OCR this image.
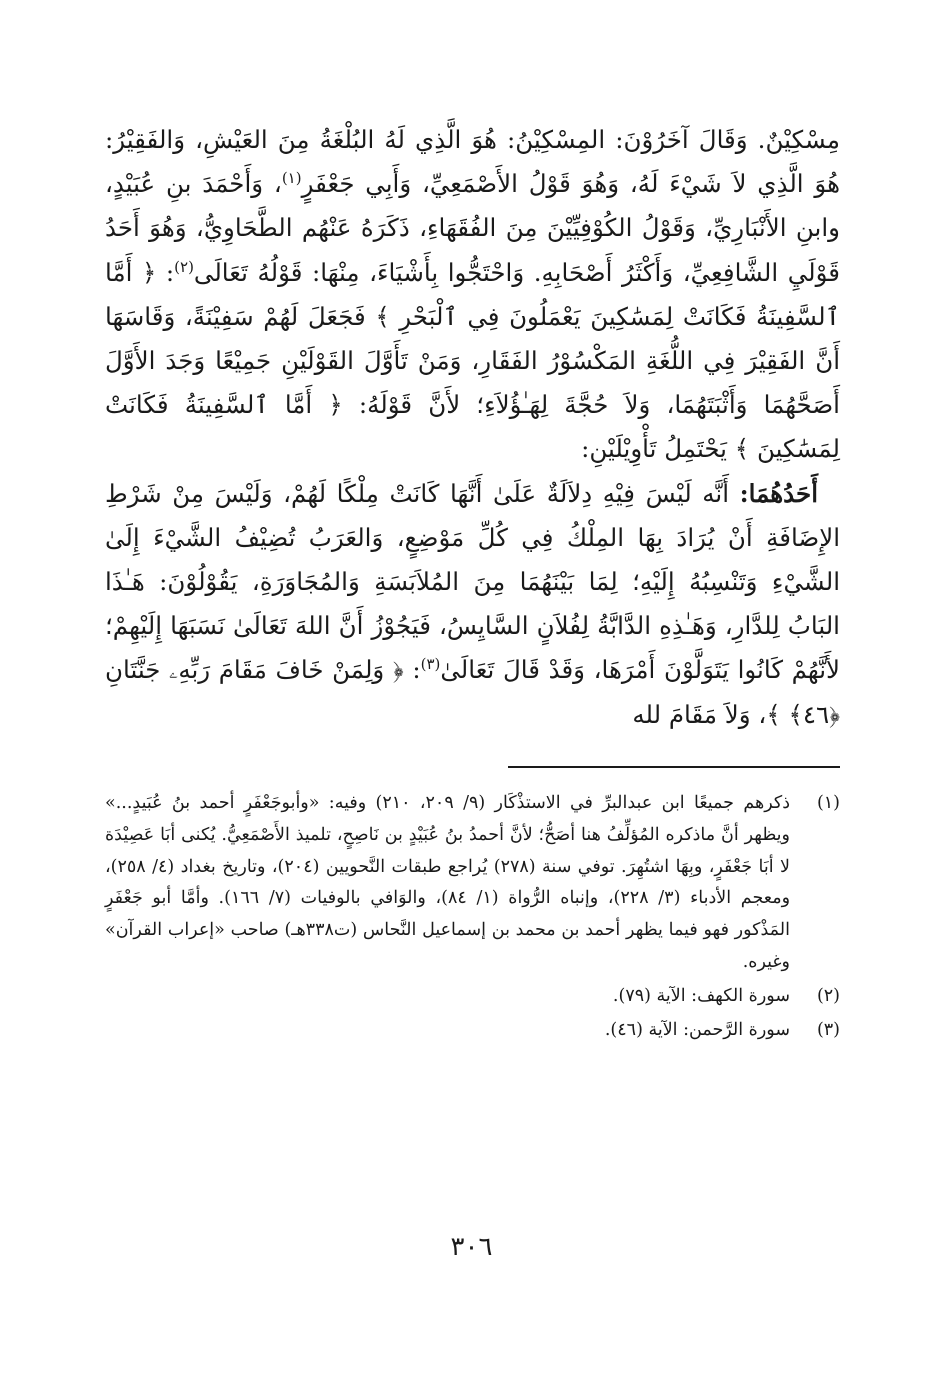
مِسْكِيْنٌ. وَقَالَ آخَرُوْنَ: المِسْكِيْنُ: هُوَ الَّذِي لَهُ البُلْغَةُ مِنَ العَيْشِ، وَالفَقِيْرُ: هُوَ الَّذِي لاَ شَيْءَ لَهُ، وَهُوَ قَوْلُ الأَصْمَعِيِّ، وَأَبِي جَعْفَرٍ$^{(١)}$، وَأَحْمَدَ بنِ عُبَيْدٍ، وابنِ الأَنْبَارِيِّ، وَقَوْلُ الكُوْفِيِّيْنَ مِنَ الفُقَهَاءِ، ذَكَرَهُ عَنْهُم الطَّحَاوِيُّ، وَهُوَ أَحَدُ قَوْلَيِ الشَّافِعِيِّ، وَأَكْثَرُ أَصْحَابِهِ. وَاحْتَجُّوا بِأَشْيَاءَ، مِنْهَا: قَوْلُهُ تَعَالَى$^{(٢)}$: ﴿ أَمَّا ٱلسَّفِينَةُ فَكَانَتْ لِمَسَٰكِينَ يَعْمَلُونَ فِي ٱلْبَحْرِ ﴾ فَجَعَلَ لَهُمْ سَفِيْنَةً، وَقَاسَهَا أَنَّ الفَقِيْرَ فِي اللُّغَةِ المَكْسُوْرُ الفَقَارِ، وَمَنْ تَأَوَّلَ القَوْلَيْنِ جَمِيْعًا وَجَدَ الأَوَّلَ أَصَحَّهُمَا وَأَثْبَتَهُمَا، وَلاَ حُجَّةَ لِهَـٰؤُلاَءِ؛ لأَنَّ قَوْلَهُ: ﴿ أَمَّا ٱلسَّفِينَةُ فَكَانَتْ لِمَسَٰكِينَ ﴾ يَحْتَمِلُ تَأْوِيْلَيْنِ:

أَحَدُهُمَا: أَنَّه لَيْسَ فِيْهِ دِلاَلَةٌ عَلَىٰ أَنَّهَا كَانَتْ مِلْكًا لَهُمْ، وَلَيْسَ مِنْ شَرْطِ الإِضَافَةِ أَنْ يُرَادَ بِهَا المِلْكُ فِي كُلِّ مَوْضِعٍ، وَالعَرَبُ تُضِيْفُ الشَّيْءَ إِلَىٰ الشَّيْءِ وَتَنْسِبُهُ إِلَيْهِ؛ لِمَا بَيْنَهُمَا مِنَ المُلاَبَسَةِ وَالمُجَاوَرَةِ، يَقُوْلُوْنَ: هَـٰذَا البَابُ لِلدَّارِ، وَهَـٰذِهِ الدَّابَّةُ لِفُلاَنٍ السَّايِسُ، فَيَجُوْزُ أَنَّ اللهَ تَعَالَىٰ نَسَبَهَا إِلَيْهِمْ؛ لأَنَّهُمْ كَانُوا يَتَوَلَّوْنَ أَمْرَهَا، وَقَدْ قَالَ تَعَالَىٰ$^{(٣)}$: ﴿ وَلِمَنْ خَافَ مَقَامَ رَبِّهِۦ جَنَّتَانِ ﴿٤٦﴾ ﴾، وَلاَ مَقَامَ لله

(١)
ذكرهم جميعًا ابن عبدالبرِّ في الاستذْكَار (٩/ ٢٠٩، ٢١٠) وفيه: «وأبوجَعْفَرٍ أحمد بنُ عُبَيدٍ...» ويظهر أنَّ ماذكره المُؤلِّفُ هنا أصَحُّ؛ لأنَّ أحمدُ بنُ عُبَيْدٍ بن نَاصِحٍ، تلميذ الأَصْمَعِيُّ. يُكنى أبَا عَصِيْدَة لا أبَا جَعْفَرٍ، وبِهَا اشتُهِرَ. توفي سنة (٢٧٨) يُراجع طبقات النَّحويين (٢٠٤)، وتاريخ بغداد (٤/ ٢٥٨)، ومعجم الأدباء (٣/ ٢٢٨)، وإنباه الرُّواة (١/ ٨٤)، والوَافي بالوفيات (٧/ ١٦٦). وأمَّا أبو جَعْفَرٍ المَذْكور فهو فيما يظهر أحمد بن محمد بن إسماعيل النَّحاس (ت٣٣٨هـ) صاحب «إعراب القرآن» وغيره.
(٢)
سورة الكهف: الآية (٧٩).
(٣)
سورة الرَّحمن: الآية (٤٦).
٣٠٦
